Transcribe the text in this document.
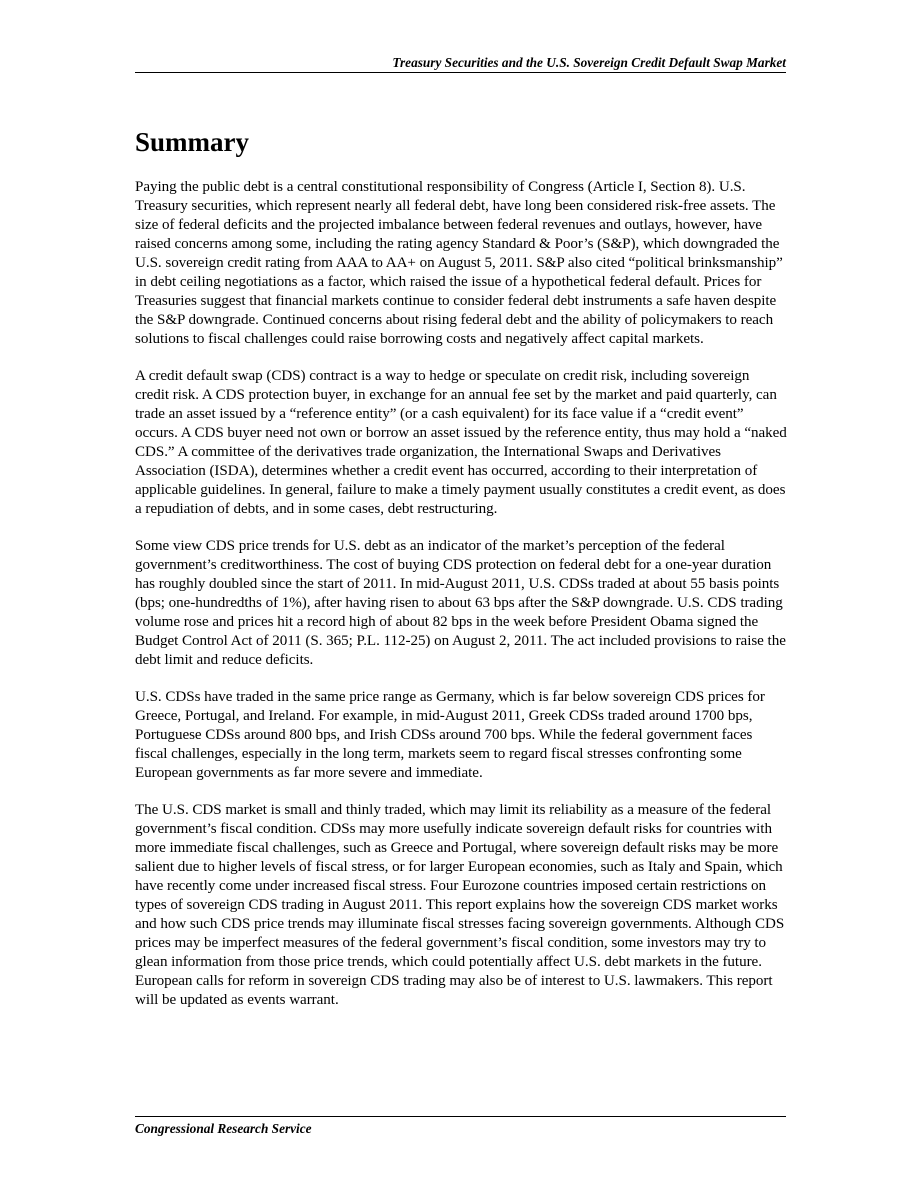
Treasury Securities and the U.S. Sovereign Credit Default Swap Market
Summary

Paying the public debt is a central constitutional responsibility of Congress (Article I, Section 8). U.S. Treasury securities, which represent nearly all federal debt, have long been considered risk-free assets. The size of federal deficits and the projected imbalance between federal revenues and outlays, however, have raised concerns among some, including the rating agency Standard & Poor’s (S&P), which downgraded the U.S. sovereign credit rating from AAA to AA+ on August 5, 2011. S&P also cited “political brinksmanship” in debt ceiling negotiations as a factor, which raised the issue of a hypothetical federal default. Prices for Treasuries suggest that financial markets continue to consider federal debt instruments a safe haven despite the S&P downgrade. Continued concerns about rising federal debt and the ability of policymakers to reach solutions to fiscal challenges could raise borrowing costs and negatively affect capital markets.

A credit default swap (CDS) contract is a way to hedge or speculate on credit risk, including sovereign credit risk. A CDS protection buyer, in exchange for an annual fee set by the market and paid quarterly, can trade an asset issued by a “reference entity” (or a cash equivalent) for its face value if a “credit event” occurs. A CDS buyer need not own or borrow an asset issued by the reference entity, thus may hold a “naked CDS.” A committee of the derivatives trade organization, the International Swaps and Derivatives Association (ISDA), determines whether a credit event has occurred, according to their interpretation of applicable guidelines. In general, failure to make a timely payment usually constitutes a credit event, as does a repudiation of debts, and in some cases, debt restructuring.

Some view CDS price trends for U.S. debt as an indicator of the market’s perception of the federal government’s creditworthiness. The cost of buying CDS protection on federal debt for a one-year duration has roughly doubled since the start of 2011. In mid-August 2011, U.S. CDSs traded at about 55 basis points (bps; one-hundredths of 1%), after having risen to about 63 bps after the S&P downgrade. U.S. CDS trading volume rose and prices hit a record high of about 82 bps in the week before President Obama signed the Budget Control Act of 2011 (S. 365; P.L. 112-25) on August 2, 2011. The act included provisions to raise the debt limit and reduce deficits.

U.S. CDSs have traded in the same price range as Germany, which is far below sovereign CDS prices for Greece, Portugal, and Ireland. For example, in mid-August 2011, Greek CDSs traded around 1700 bps, Portuguese CDSs around 800 bps, and Irish CDSs around 700 bps. While the federal government faces fiscal challenges, especially in the long term, markets seem to regard fiscal stresses confronting some European governments as far more severe and immediate.

The U.S. CDS market is small and thinly traded, which may limit its reliability as a measure of the federal government’s fiscal condition. CDSs may more usefully indicate sovereign default risks for countries with more immediate fiscal challenges, such as Greece and Portugal, where sovereign default risks may be more salient due to higher levels of fiscal stress, or for larger European economies, such as Italy and Spain, which have recently come under increased fiscal stress. Four Eurozone countries imposed certain restrictions on types of sovereign CDS trading in August 2011. This report explains how the sovereign CDS market works and how such CDS price trends may illuminate fiscal stresses facing sovereign governments. Although CDS prices may be imperfect measures of the federal government’s fiscal condition, some investors may try to glean information from those price trends, which could potentially affect U.S. debt markets in the future. European calls for reform in sovereign CDS trading may also be of interest to U.S. lawmakers. This report will be updated as events warrant.

Congressional Research Service
